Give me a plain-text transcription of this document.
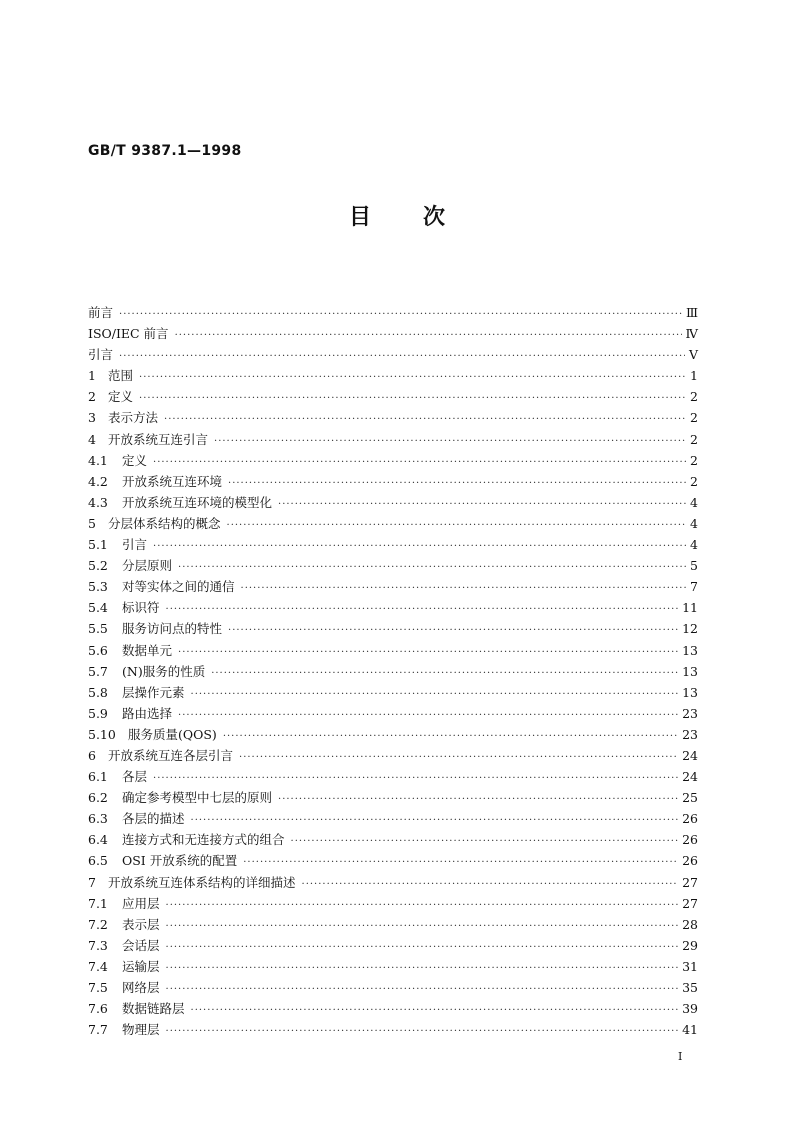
GB/T 9387.1—1998
目 次
前言 ·····	Ⅲ
ISO/IEC 前言 ·····	Ⅳ
引言 ·····	Ⅴ
1 范围 ·····	1
2 定义 ·····	2
3 表示方法 ·····	2
4 开放系统互连引言 ·····	2
4.1	定义 ·····	2
4.2	开放系统互连环境 ·····	2
4.3	开放系统互连环境的模型化 ·····	4
5 分层体系结构的概念 ·····	4
5.1	引言 ·····	4
5.2	分层原则 ·····	5
5.3	对等实体之间的通信 ·····	7
5.4	标识符 ·····	11
5.5	服务访问点的特性 ·····	12
5.6	数据单元 ·····	13
5.7	(N)服务的性质 ·····	13
5.8	层操作元素 ·····	13
5.9	路由选择 ·····	23
5.10 服务质量(QOS) ·····	23
6 开放系统互连各层引言 ·····	24
6.1	各层 ·····	24
6.2	确定参考模型中七层的原则 ·····	25
6.3	各层的描述 ·····	26
6.4	连接方式和无连接方式的组合 ·····	26
6.5	OSI 开放系统的配置 ·····	26
7 开放系统互连体系结构的详细描述 ·····	27
7.1	应用层 ·····	27
7.2	表示层 ·····	28
7.3	会话层 ·····	29
7.4	运输层 ·····	31
7.5	网络层 ·····	35
7.6	数据链路层 ·····	39
7.7	物理层 ·····	41
Ⅰ
